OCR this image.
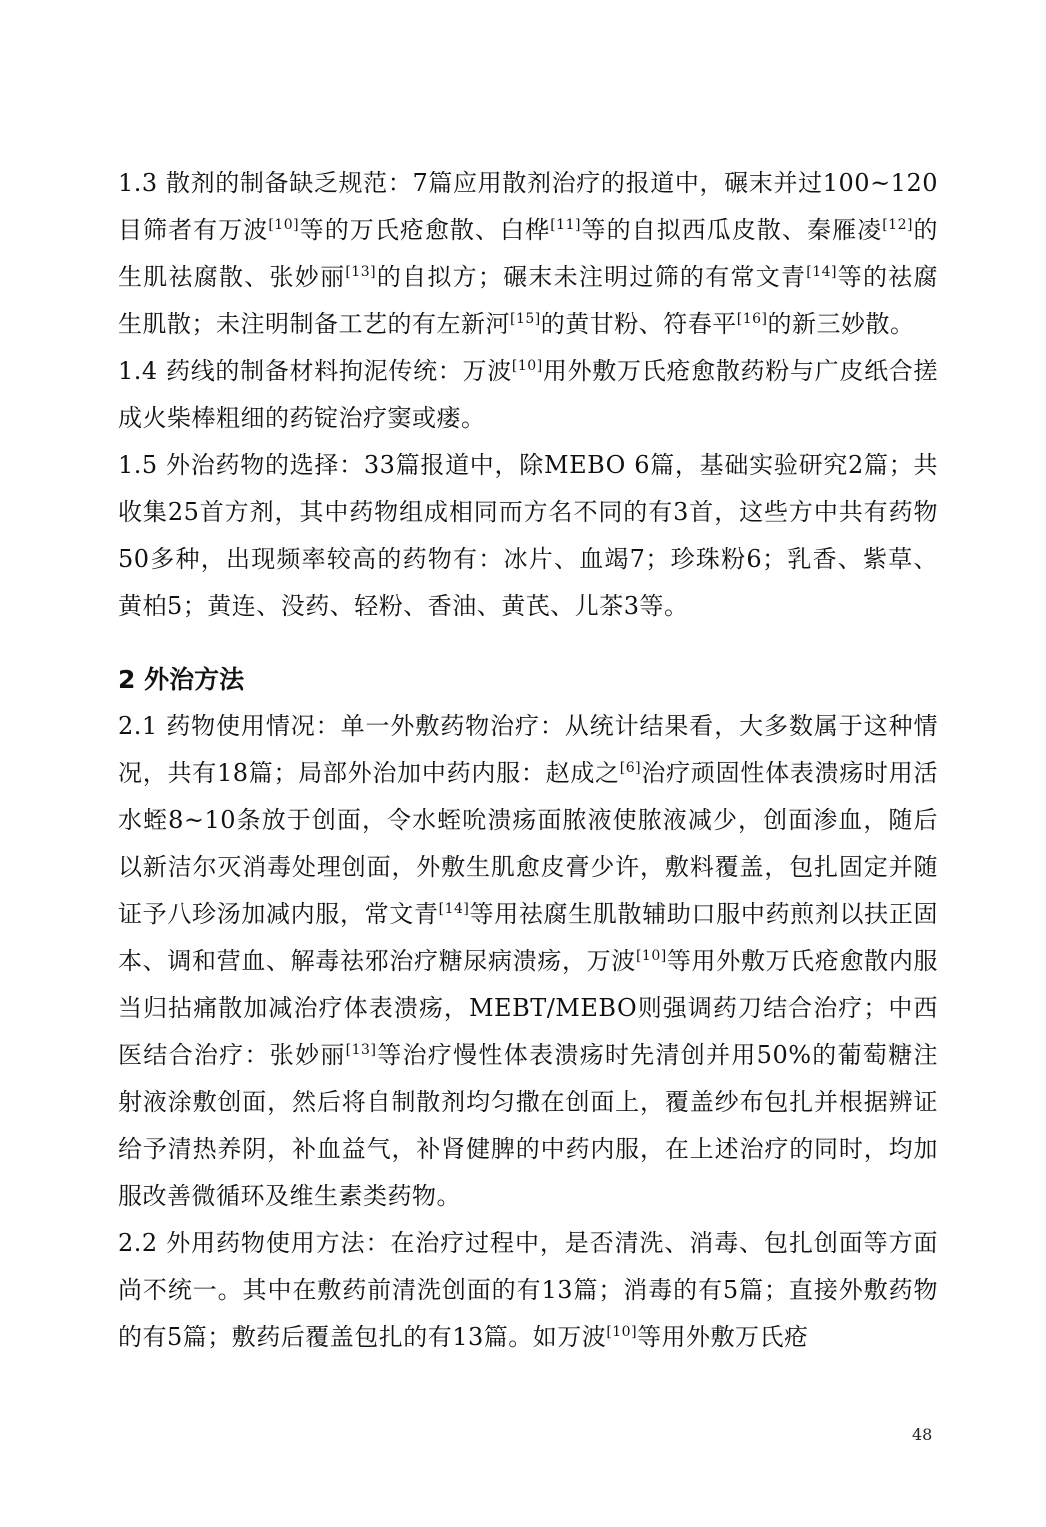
1.3 散剂的制备缺乏规范：7篇应用散剂治疗的报道中，碾末并过100~120目筛者有万波[10]等的万氏疮愈散、白桦[11]等的自拟西瓜皮散、秦雁凌[12]的生肌祛腐散、张妙丽[13]的自拟方；碾末未注明过筛的有常文青[14]等的祛腐生肌散；未注明制备工艺的有左新河[15]的黄甘粉、符春平[16]的新三妙散。

1.4 药线的制备材料拘泥传统：万波[10]用外敷万氏疮愈散药粉与广皮纸合搓成火柴棒粗细的药锭治疗窦或瘘。

1.5 外治药物的选择：33篇报道中，除MEBO 6篇，基础实验研究2篇；共收集25首方剂，其中药物组成相同而方名不同的有3首，这些方中共有药物50多种，出现频率较高的药物有：冰片、血竭7；珍珠粉6；乳香、紫草、黄柏5；黄连、没药、轻粉、香油、黄芪、儿茶3等。

2 外治方法

2.1 药物使用情况：单一外敷药物治疗：从统计结果看，大多数属于这种情况，共有18篇；局部外治加中药内服：赵成之[6]治疗顽固性体表溃疡时用活水蛭8~10条放于创面，令水蛭吮溃疡面脓液使脓液减少，创面渗血，随后以新洁尔灭消毒处理创面，外敷生肌愈皮膏少许，敷料覆盖，包扎固定并随证予八珍汤加减内服，常文青[14]等用祛腐生肌散辅助口服中药煎剂以扶正固本、调和营血、解毒祛邪治疗糖尿病溃疡，万波[10]等用外敷万氏疮愈散内服当归拈痛散加减治疗体表溃疡，MEBT/MEBO则强调药刀结合治疗；中西医结合治疗：张妙丽[13]等治疗慢性体表溃疡时先清创并用50%的葡萄糖注射液涂敷创面，然后将自制散剂均匀撒在创面上，覆盖纱布包扎并根据辨证给予清热养阴，补血益气，补肾健脾的中药内服，在上述治疗的同时，均加服改善微循环及维生素类药物。

2.2 外用药物使用方法：在治疗过程中，是否清洗、消毒、包扎创面等方面尚不统一。其中在敷药前清洗创面的有13篇；消毒的有5篇；直接外敷药物的有5篇；敷药后覆盖包扎的有13篇。如万波[10]等用外敷万氏疮

48
